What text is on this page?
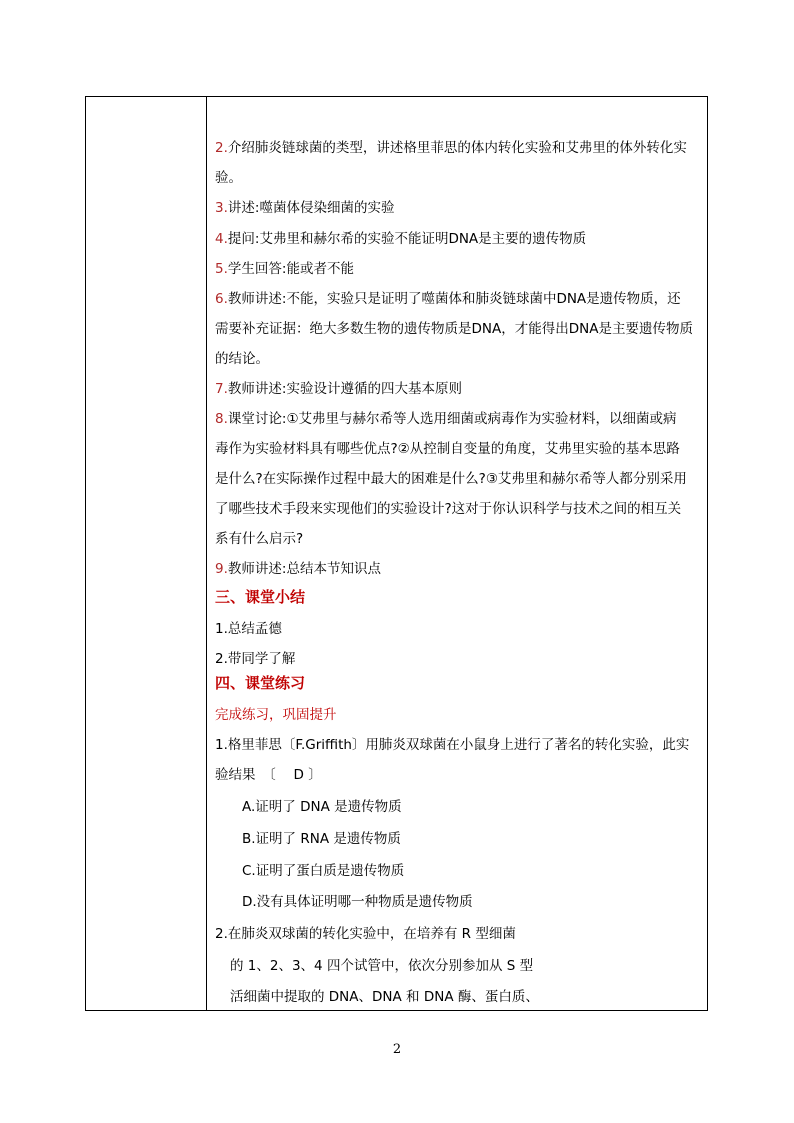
2.介绍肺炎链球菌的类型，讲述格里菲思的体内转化实验和艾弗里的体外转化实
验。
3.讲述:噬菌体侵染细菌的实验
4.提问:艾弗里和赫尔希的实验不能证明DNA是主要的遗传物质
5.学生回答:能或者不能
6.教师讲述:不能，实验只是证明了噬菌体和肺炎链球菌中DNA是遗传物质，还
需要补充证据：绝大多数生物的遗传物质是DNA，才能得出DNA是主要遗传物质
的结论。
7.教师讲述:实验设计遵循的四大基本原则
8.课堂讨论:①艾弗里与赫尔希等人选用细菌或病毒作为实验材料，以细菌或病
毒作为实验材料具有哪些优点?②从控制自变量的角度，艾弗里实验的基本思路
是什么?在实际操作过程中最大的困难是什么?③艾弗里和赫尔希等人都分别采用
了哪些技术手段来实现他们的实验设计?这对于你认识科学与技术之间的相互关
系有什么启示?
9.教师讲述:总结本节知识点
三、课堂小结
1.总结孟德
2.带同学了解
四、课堂练习
完成练习，巩固提升
1.格里菲思〔F.Griffith〕用肺炎双球菌在小鼠身上进行了著名的转化实验，此实
验结果　〔　 D 〕
A.证明了 DNA 是遗传物质
B.证明了 RNA 是遗传物质
C.证明了蛋白质是遗传物质
D.没有具体证明哪一种物质是遗传物质
2.在肺炎双球菌的转化实验中，在培养有 R 型细菌
的 1、2、3、4 四个试管中，依次分别参加从 S 型
活细菌中提取的 DNA、DNA 和 DNA 酶、蛋白质、
2
